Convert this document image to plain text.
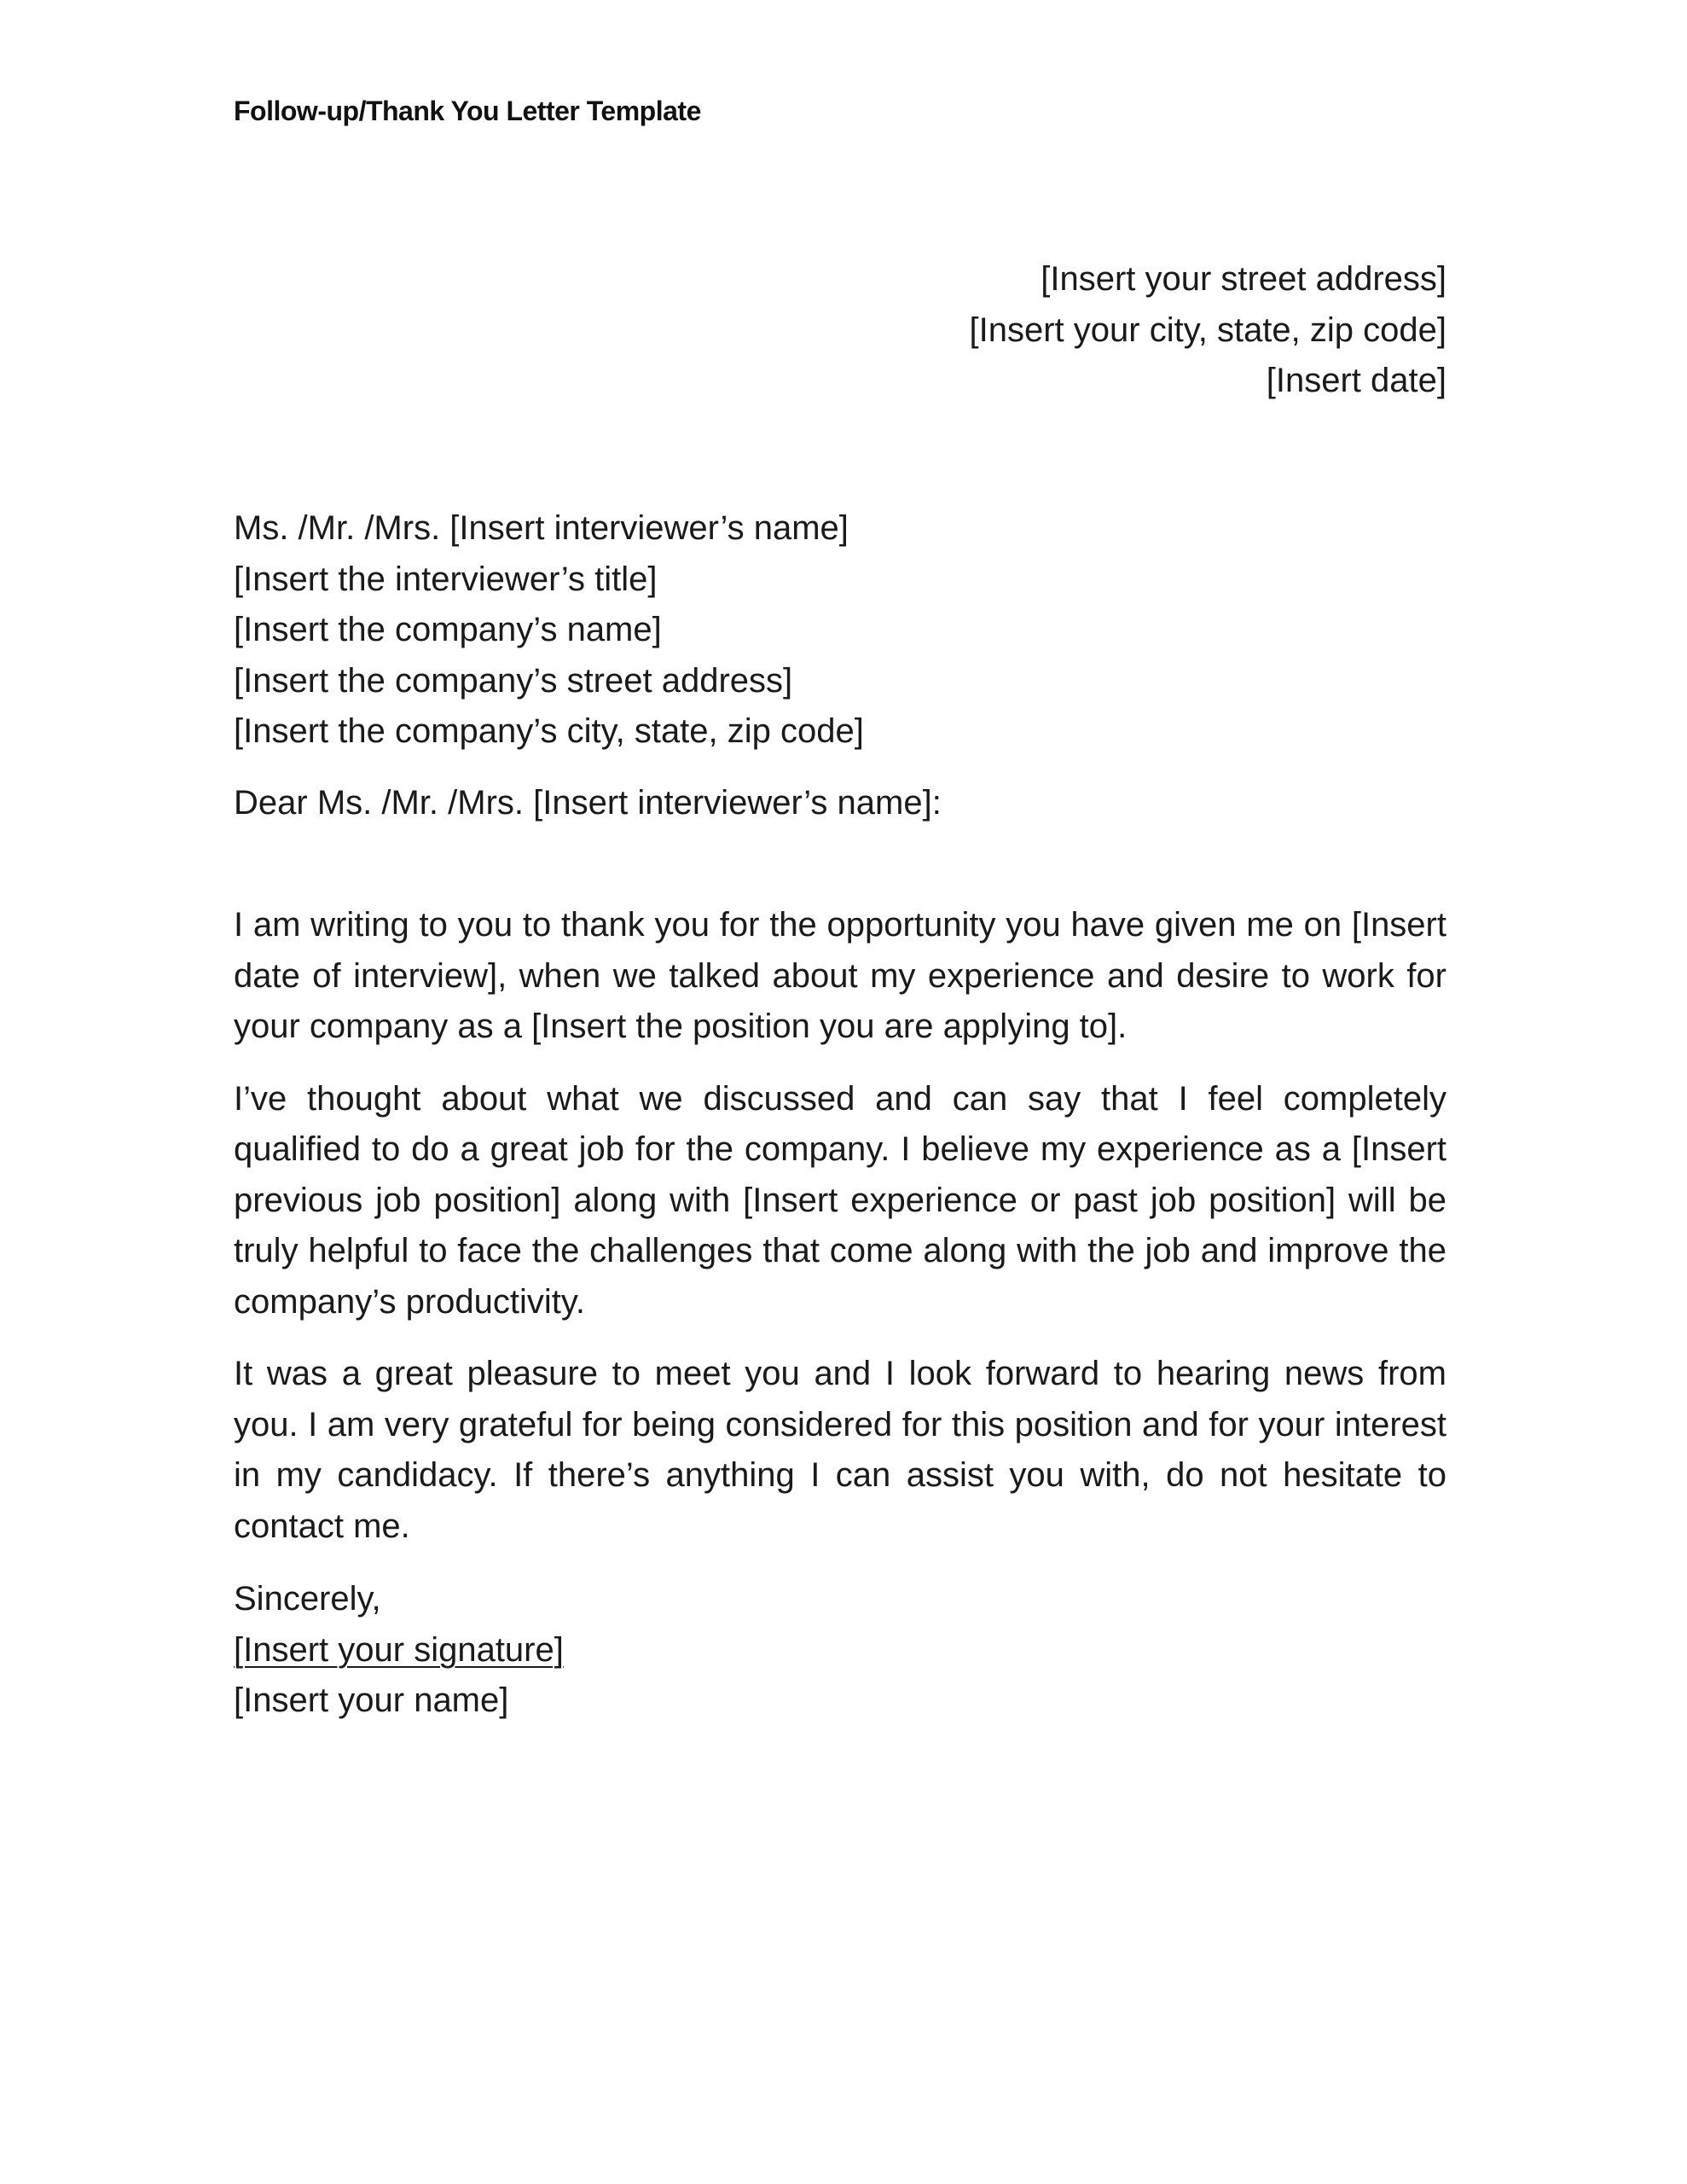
Follow-up/Thank You Letter Template
[Insert your street address]
[Insert your city, state, zip code]
[Insert date]
Ms. /Mr. /Mrs. [Insert interviewer’s name]
[Insert the interviewer’s title]
[Insert the company’s name]
[Insert the company’s street address]
[Insert the company’s city, state, zip code]
Dear Ms. /Mr. /Mrs. [Insert interviewer’s name]:

I am writing to you to thank you for the opportunity you have given me on [Insert date of interview], when we talked about my experience and desire to work for your company as a [Insert the position you are applying to].

I’ve thought about what we discussed and can say that I feel completely qualified to do a great job for the company. I believe my experience as a [Insert previous job position] along with [Insert experience or past job position] will be truly helpful to face the challenges that come along with the job and improve the company’s productivity.

It was a great pleasure to meet you and I look forward to hearing news from you. I am very grateful for being considered for this position and for your interest in my candidacy. If there’s anything I can assist you with, do not hesitate to contact me.

Sincerely,
[Insert your signature]
[Insert your name]
